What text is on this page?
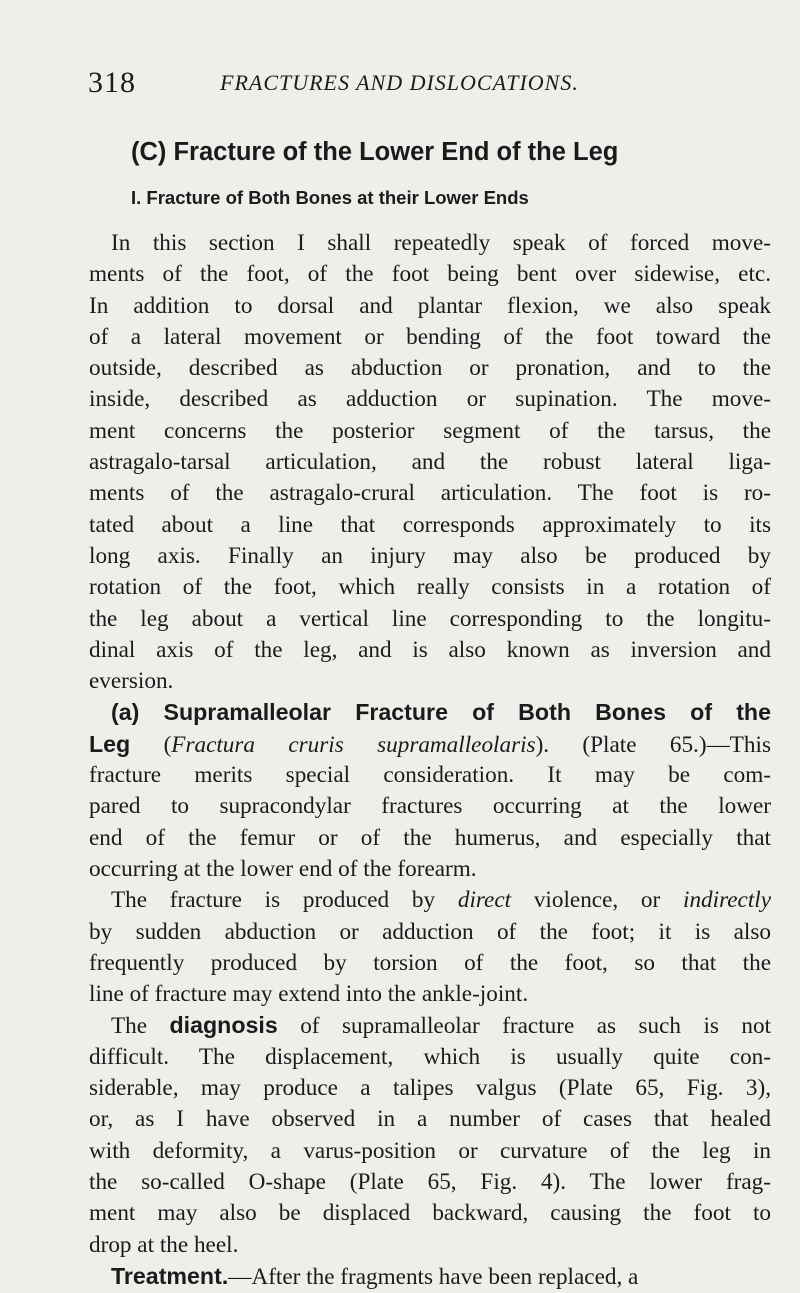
318	FRACTURES AND DISLOCATIONS.
(C) Fracture of the Lower End of the Leg
I. Fracture of Both Bones at their Lower Ends
In this section I shall repeatedly speak of forced move-
ments of the foot, of the foot being bent over sidewise, etc.
In addition to dorsal and plantar flexion, we also speak
of a lateral movement or bending of the foot toward the
outside, described as abduction or pronation, and to the
inside, described as adduction or supination. The move-
ment concerns the posterior segment of the tarsus, the
astragalo-tarsal articulation, and the robust lateral liga-
ments of the astragalo-crural articulation. The foot is ro-
tated about a line that corresponds approximately to its
long axis. Finally an injury may also be produced by
rotation of the foot, which really consists in a rotation of
the leg about a vertical line corresponding to the longitu-
dinal axis of the leg, and is also known as inversion and
eversion.
(a) Supramalleolar Fracture of Both Bones of the
Leg (Fractura cruris supramalleolaris). (Plate 65.)—This
fracture merits special consideration. It may be com-
pared to supracondylar fractures occurring at the lower
end of the femur or of the humerus, and especially that
occurring at the lower end of the forearm.
The fracture is produced by direct violence, or indirectly
by sudden abduction or adduction of the foot; it is also
frequently produced by torsion of the foot, so that the
line of fracture may extend into the ankle-joint.
The diagnosis of supramalleolar fracture as such is not
difficult. The displacement, which is usually quite con-
siderable, may produce a talipes valgus (Plate 65, Fig. 3),
or, as I have observed in a number of cases that healed
with deformity, a varus-position or curvature of the leg in
the so-called O-shape (Plate 65, Fig. 4). The lower frag-
ment may also be displaced backward, causing the foot to
drop at the heel.
Treatment.—After the fragments have been replaced, a
